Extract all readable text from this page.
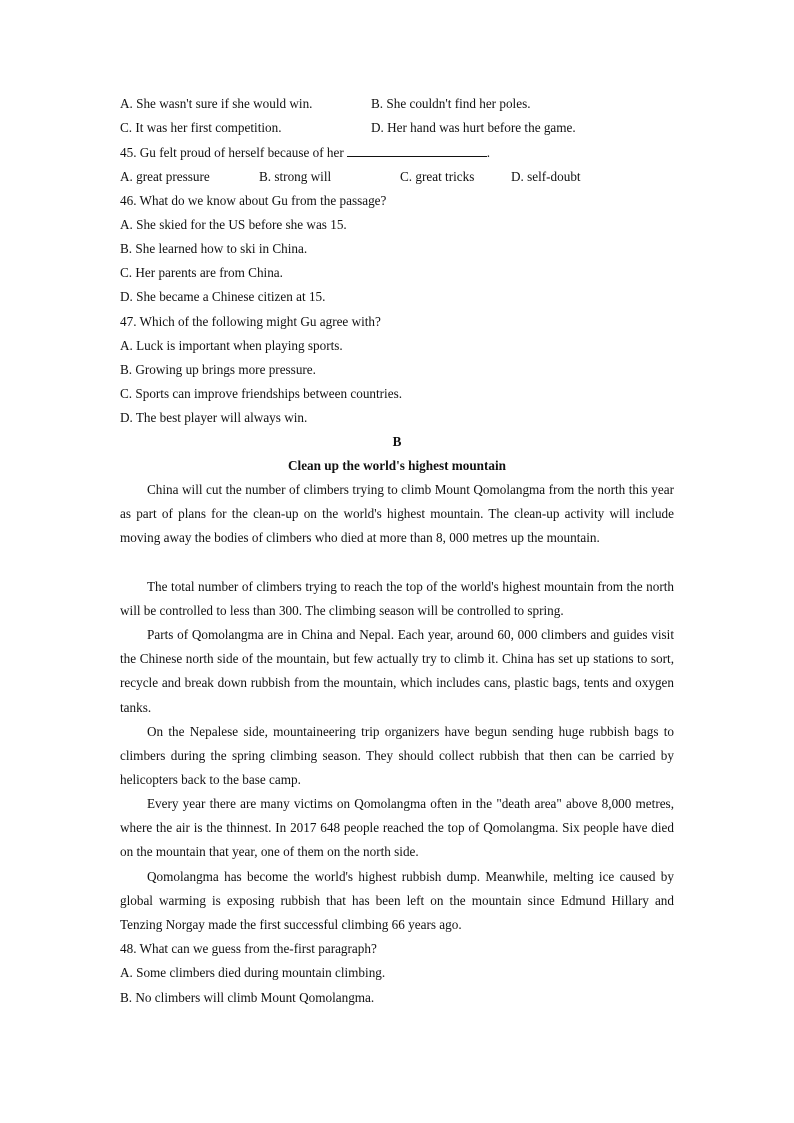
A. She wasn't sure if she would win.	B. She couldn't find her poles.
C. It was her first competition.	D. Her hand was hurt before the game.
45. Gu felt proud of herself because of her	.
A. great pressure	B. strong will	C. great tricks	D. self-doubt
46. What do we know about Gu from the passage?
A. She skied for the US before she was 15.
B. She learned how to ski in China.
C. Her parents are from China.
D. She became a Chinese citizen at 15.
47. Which of the following might Gu agree with?
A. Luck is important when playing sports.
B. Growing up brings more pressure.
C. Sports can improve friendships between countries.
D. The best player will always win.
B
Clean up the world's highest mountain
China will cut the number of climbers trying to climb Mount Qomolangma from the north this year as part of plans for the clean-up on the world's highest mountain. The clean-up activity will include moving away the bodies of climbers who died at more than 8, 000 metres up the mountain.
The total number of climbers trying to reach the top of the world's highest mountain from the north will be controlled to less than 300. The climbing season will be controlled to spring.
Parts of Qomolangma are in China and Nepal. Each year, around 60, 000 climbers and guides visit the Chinese north side of the mountain, but few actually try to climb it. China has set up stations to sort, recycle and break down rubbish from the mountain, which includes cans, plastic bags, tents and oxygen tanks.
On the Nepalese side, mountaineering trip organizers have begun sending huge rubbish bags to climbers during the spring climbing season. They should collect rubbish that then can be carried by helicopters back to the base camp.
Every year there are many victims on Qomolangma often in the "death area" above 8,000 metres, where the air is the thinnest. In 2017 648 people reached the top of Qomolangma. Six people have died on the mountain that year, one of them on the north side.
Qomolangma has become the world's highest rubbish dump. Meanwhile, melting ice caused by global warming is exposing rubbish that has been left on the mountain since Edmund Hillary and Tenzing Norgay made the first successful climbing 66 years ago.
48. What can we guess from the-first paragraph?
A. Some climbers died during mountain climbing.
B. No climbers will climb Mount Qomolangma.
